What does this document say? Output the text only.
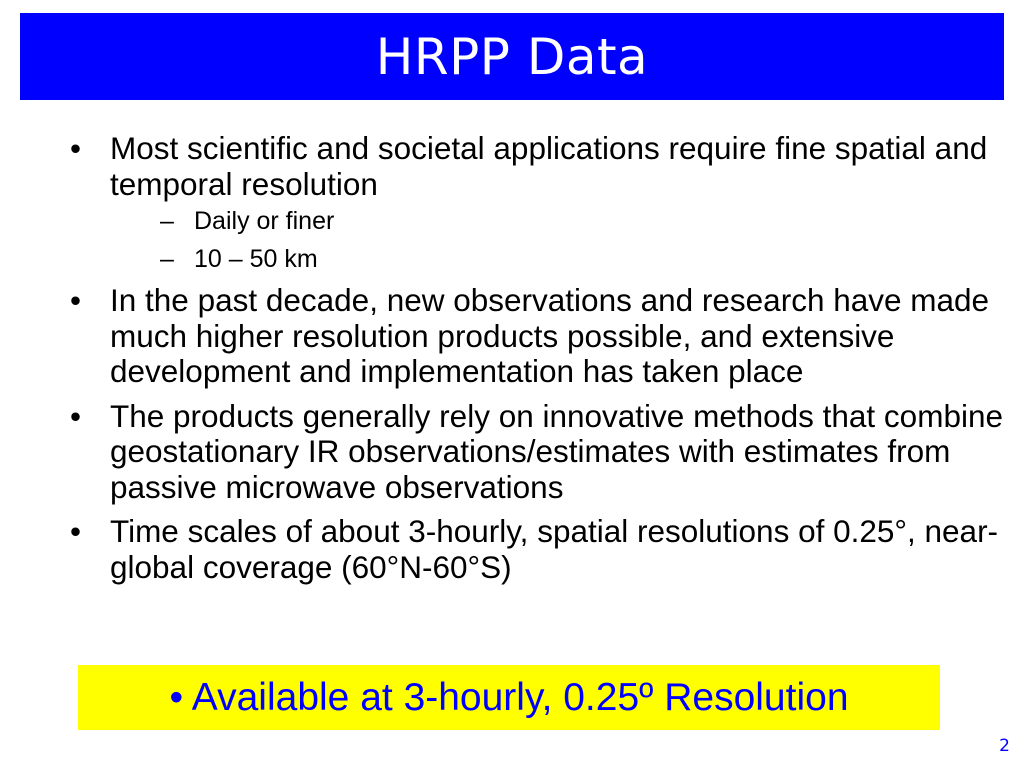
HRPP Data
• Most scientific and societal applications require fine spatial and temporal resolution
– Daily or finer
– 10 – 50 km
• In the past decade, new observations and research have made much higher resolution products possible, and extensive development and implementation has taken place
• The products generally rely on innovative methods that combine geostationary IR observations/estimates with estimates from passive microwave observations
• Time scales of about 3-hourly, spatial resolutions of 0.25°, near-global coverage (60°N-60°S)
• Available at 3-hourly, 0.25º Resolution
2
